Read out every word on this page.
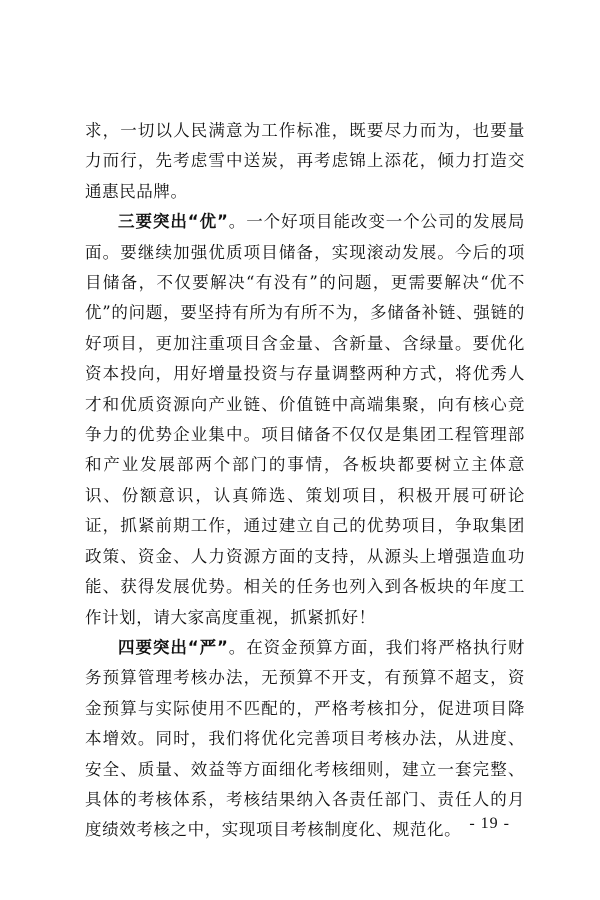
求，一切以人民满意为工作标准，既要尽力而为，也要量力而行，先考虑雪中送炭，再考虑锦上添花，倾力打造交通惠民品牌。

三要突出“优”。一个好项目能改变一个公司的发展局面。要继续加强优质项目储备，实现滚动发展。今后的项目储备，不仅要解决“有没有”的问题，更需要解决“优不优”的问题，要坚持有所为有所不为，多储备补链、强链的好项目，更加注重项目含金量、含新量、含绿量。要优化资本投向，用好增量投资与存量调整两种方式，将优秀人才和优质资源向产业链、价值链中高端集聚，向有核心竞争力的优势企业集中。项目储备不仅仅是集团工程管理部和产业发展部两个部门的事情，各板块都要树立主体意识、份额意识，认真筛选、策划项目，积极开展可研论证，抓紧前期工作，通过建立自己的优势项目，争取集团政策、资金、人力资源方面的支持，从源头上增强造血功能、获得发展优势。相关的任务也列入到各板块的年度工作计划，请大家高度重视，抓紧抓好！

四要突出“严”。在资金预算方面，我们将严格执行财务预算管理考核办法，无预算不开支，有预算不超支，资金预算与实际使用不匹配的，严格考核扣分，促进项目降本增效。同时，我们将优化完善项目考核办法，从进度、安全、质量、效益等方面细化考核细则，建立一套完整、具体的考核体系，考核结果纳入各责任部门、责任人的月度绩效考核之中，实现项目考核制度化、规范化。 - 19 -
